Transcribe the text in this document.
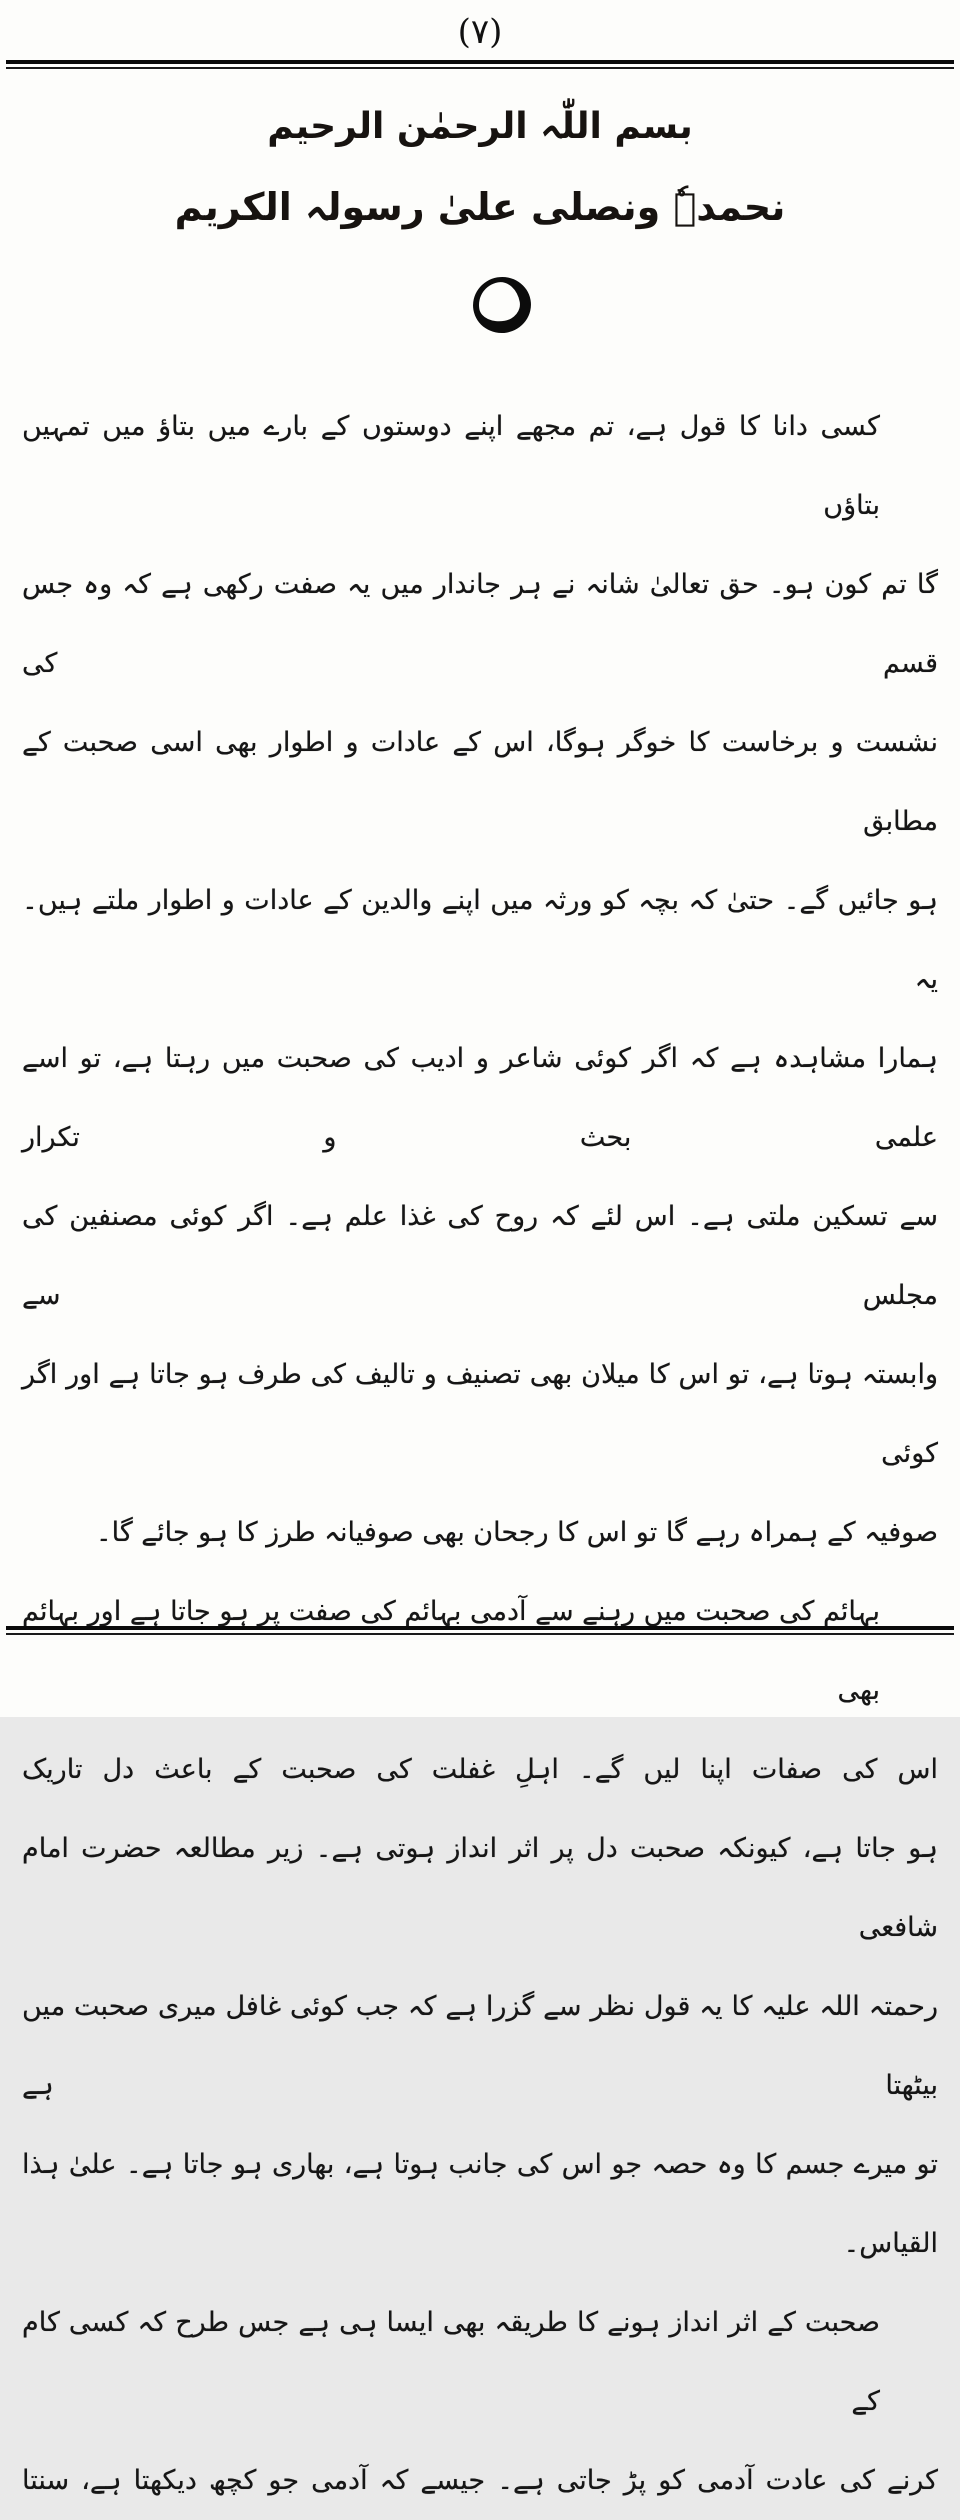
(۷)
بسم اللّٰہ الرحمٰن الرحیم
نحمدہٗ ونصلی علیٰ رسولہ الکریم
کسی دانا کا قول ہے، تم مجھے اپنے دوستوں کے بارے میں بتاؤ میں تمہیں بتاؤں
گا تم کون ہو۔ حق تعالیٰ شانہ نے ہر جاندار میں یہ صفت رکھی ہے کہ وہ جس قسم کی
نشست و برخاست کا خوگر ہوگا، اس کے عادات و اطوار بھی اسی صحبت کے مطابق
ہو جائیں گے۔ حتیٰ کہ بچہ کو ورثہ میں اپنے والدین کے عادات و اطوار ملتے ہیں۔ یہ
ہمارا مشاہدہ ہے کہ اگر کوئی شاعر و ادیب کی صحبت میں رہتا ہے، تو اسے علمی بحث و تکرار
سے تسکین ملتی ہے۔ اس لئے کہ روح کی غذا علم ہے۔ اگر کوئی مصنفین کی مجلس سے
وابستہ ہوتا ہے، تو اس کا میلان بھی تصنیف و تالیف کی طرف ہو جاتا ہے اور اگر کوئی
صوفیہ کے ہمراہ رہے گا تو اس کا رجحان بھی صوفیانہ طرز کا ہو جائے گا۔
بہائم کی صحبت میں رہنے سے آدمی بہائم کی صفت پر ہو جاتا ہے اور بہائم بھی
اس کی صفات اپنا لیں گے۔ اہلِ غفلت کی صحبت کے باعث دل تاریک
ہو جاتا ہے، کیونکہ صحبت دل پر اثر انداز ہوتی ہے۔ زیر مطالعہ حضرت امام شافعی
رحمتہ اللہ علیہ کا یہ قول نظر سے گزرا ہے کہ جب کوئی غافل میری صحبت میں بیٹھتا ہے
تو میرے جسم کا وہ حصہ جو اس کی جانب ہوتا ہے، بھاری ہو جاتا ہے۔ علیٰ ہذا القیاس۔
صحبت کے اثر انداز ہونے کا طریقہ بھی ایسا ہی ہے جس طرح کہ کسی کام کے
کرنے کی عادت آدمی کو پڑ جاتی ہے۔ جیسے کہ آدمی جو کچھ دیکھتا ہے، سنتا
